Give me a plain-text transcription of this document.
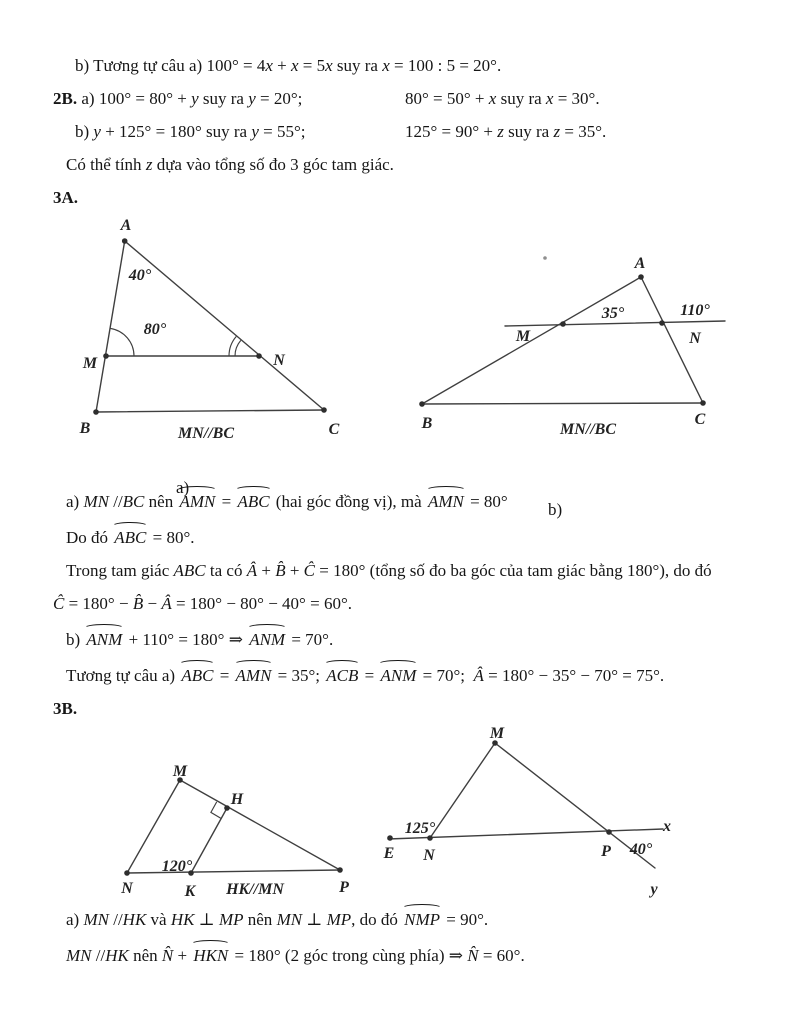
b) Tương tự câu a) 100° = 4x + x = 5x suy ra x = 100 : 5 = 20°.
2B. a) 100° = 80° + y suy ra y = 20°;	80° = 50° + x suy ra x = 30°.
b) y + 125° = 180° suy ra y = 55°;	125° = 90° + z suy ra z = 35°.
Có thể tính z dựa vào tổng số đo 3 góc tam giác.
3A.
A
40°
80°
M	N
B	C
MN//BC
A
35°	110°
M	N
B	C
MN//BC

a)

b)

a) MN //BC nên AMN = ABC (hai góc đồng vị), mà AMN = 80°
Do đó ABC = 80°.
Trong tam giác ABC ta có Â + B̂ + Ĉ = 180° (tổng số đo ba góc của tam giác bằng 180°), do đó
Ĉ = 180° − B̂ − Â = 180° − 80° − 40° = 60°.
b) ANM + 110° = 180° ⇒ ANM = 70°.
Tương tự câu a) ABC = AMN = 35°; ACB = ANM = 70°;  Â = 180° − 35° − 70° = 75°.
3B.
M
H
N	K	P
120°
HK//MN
M
125°
E N	P 40°
x
y
a) MN //HK và HK ⊥ MP nên MN ⊥ MP, do đó NMP = 90°.
MN //HK nên N̂ + HKN = 180° (2 góc trong cùng phía) ⇒ N̂ = 60°.
